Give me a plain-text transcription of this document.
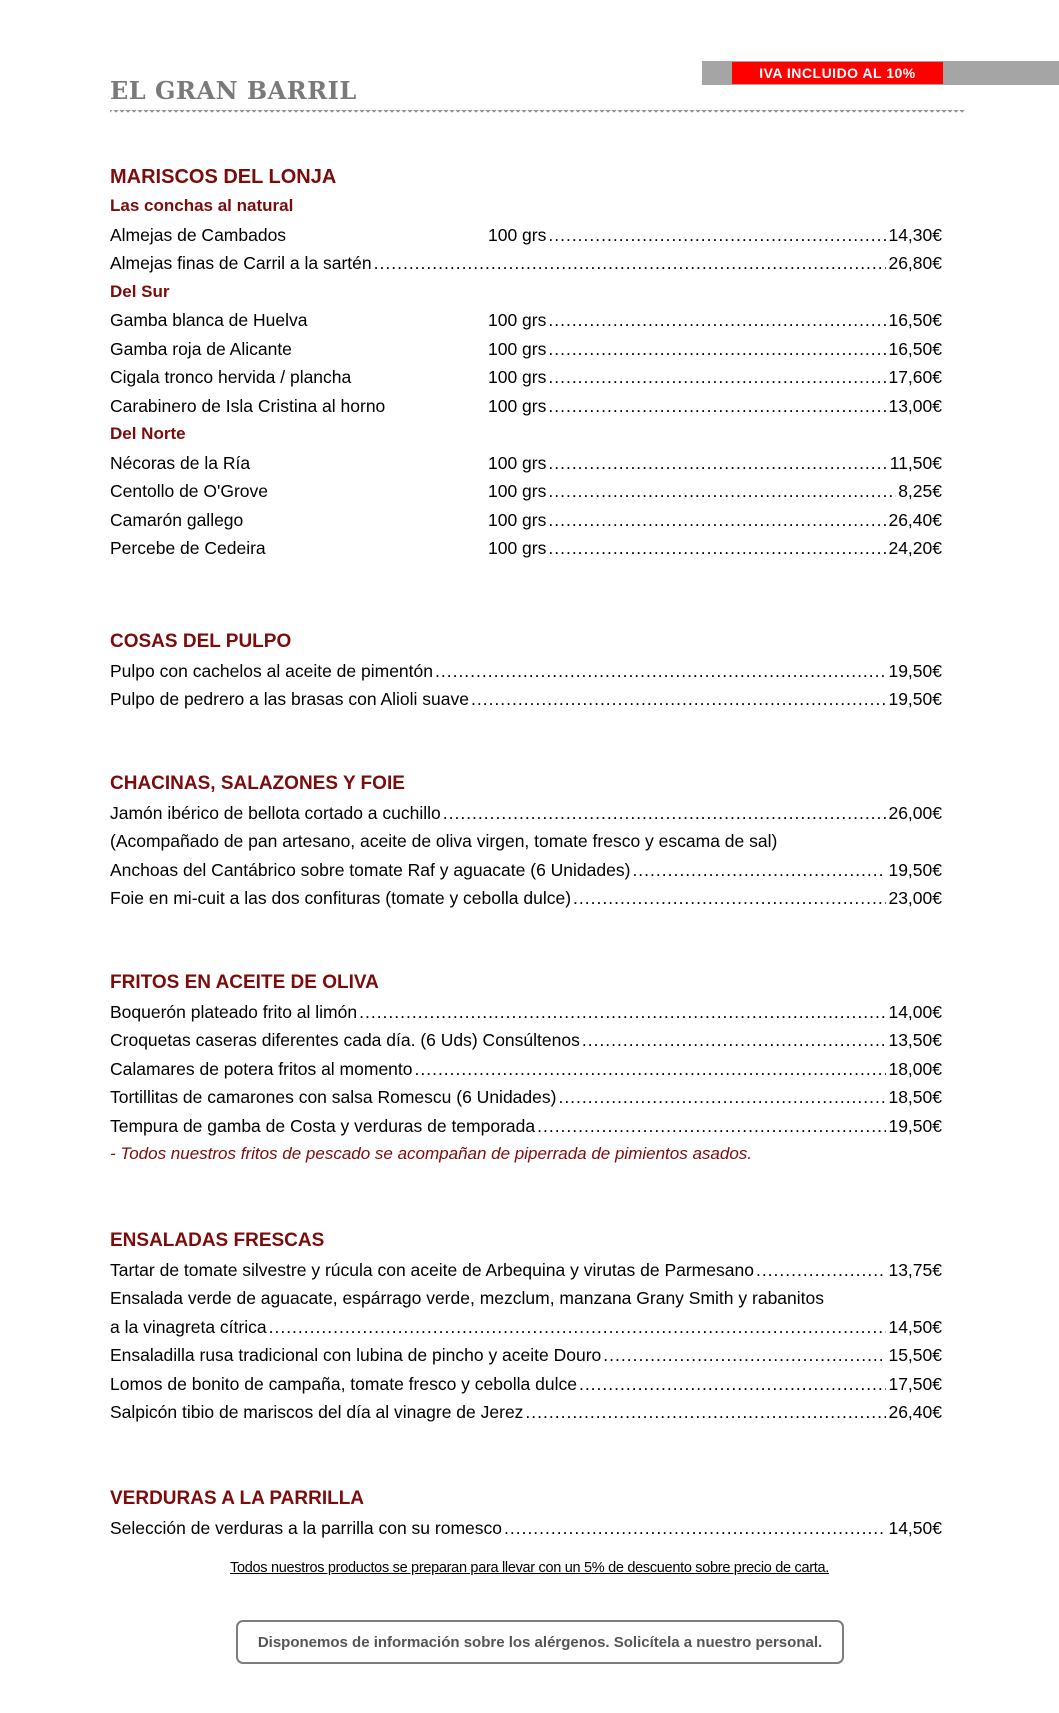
IVA INCLUIDO AL 10%
EL GRAN BARRIL
MARISCOS DEL LONJA
Las conchas al natural
Almejas de Cambados	100 grs .....	14,30€
Almejas finas de Carril a la sartén .....	26,80€
Del Sur
Gamba blanca de Huelva	100 grs .....	16,50€
Gamba roja de Alicante	100 grs .....	16,50€
Cigala tronco hervida / plancha	100 grs .....	17,60€
Carabinero de Isla Cristina al horno	100 grs .....	13,00€
Del Norte
Nécoras de la Ría	100 grs .....	11,50€
Centollo de O'Grove	100 grs .....	8,25€
Camarón gallego	100 grs .....	26,40€
Percebe de Cedeira	100 grs .....	24,20€
COSAS DEL PULPO
Pulpo con cachelos al aceite de pimentón .....	19,50€
Pulpo de pedrero a las brasas con Alioli suave .....	19,50€
CHACINAS, SALAZONES Y FOIE
Jamón ibérico de bellota cortado a cuchillo .....	26,00€
(Acompañado de pan artesano, aceite de oliva virgen, tomate fresco y escama de sal)
Anchoas del Cantábrico sobre tomate Raf y aguacate (6 Unidades) .....	19,50€
Foie en mi-cuit a las dos confituras (tomate y cebolla dulce) .....	23,00€
FRITOS EN ACEITE DE OLIVA
Boquerón plateado frito al limón .....	14,00€
Croquetas caseras diferentes cada día. (6 Uds) Consúltenos .....	13,50€
Calamares de potera fritos al momento .....	18,00€
Tortillitas de camarones con salsa Romescu (6 Unidades) .....	18,50€
Tempura de gamba de Costa y verduras de temporada .....	19,50€
- Todos nuestros fritos de pescado se acompañan de piperrada de pimientos asados.
ENSALADAS FRESCAS
Tartar de tomate silvestre y rúcula con aceite de Arbequina y virutas de Parmesano .....	13,75€
Ensalada verde de aguacate, espárrago verde, mezclum, manzana Grany Smith y rabanitos
a la vinagreta cítrica .....	14,50€
Ensaladilla rusa tradicional con lubina de pincho y aceite Douro .....	15,50€
Lomos de bonito de campaña, tomate fresco y cebolla dulce .....	17,50€
Salpicón tibio de mariscos del día al vinagre de Jerez .....	26,40€
VERDURAS A LA PARRILLA
Selección de verduras a la parrilla con su romesco .....	14,50€
Todos nuestros productos se preparan para llevar con un 5% de descuento sobre precio de carta.
Disponemos de información sobre los alérgenos. Solicítela a nuestro personal.
